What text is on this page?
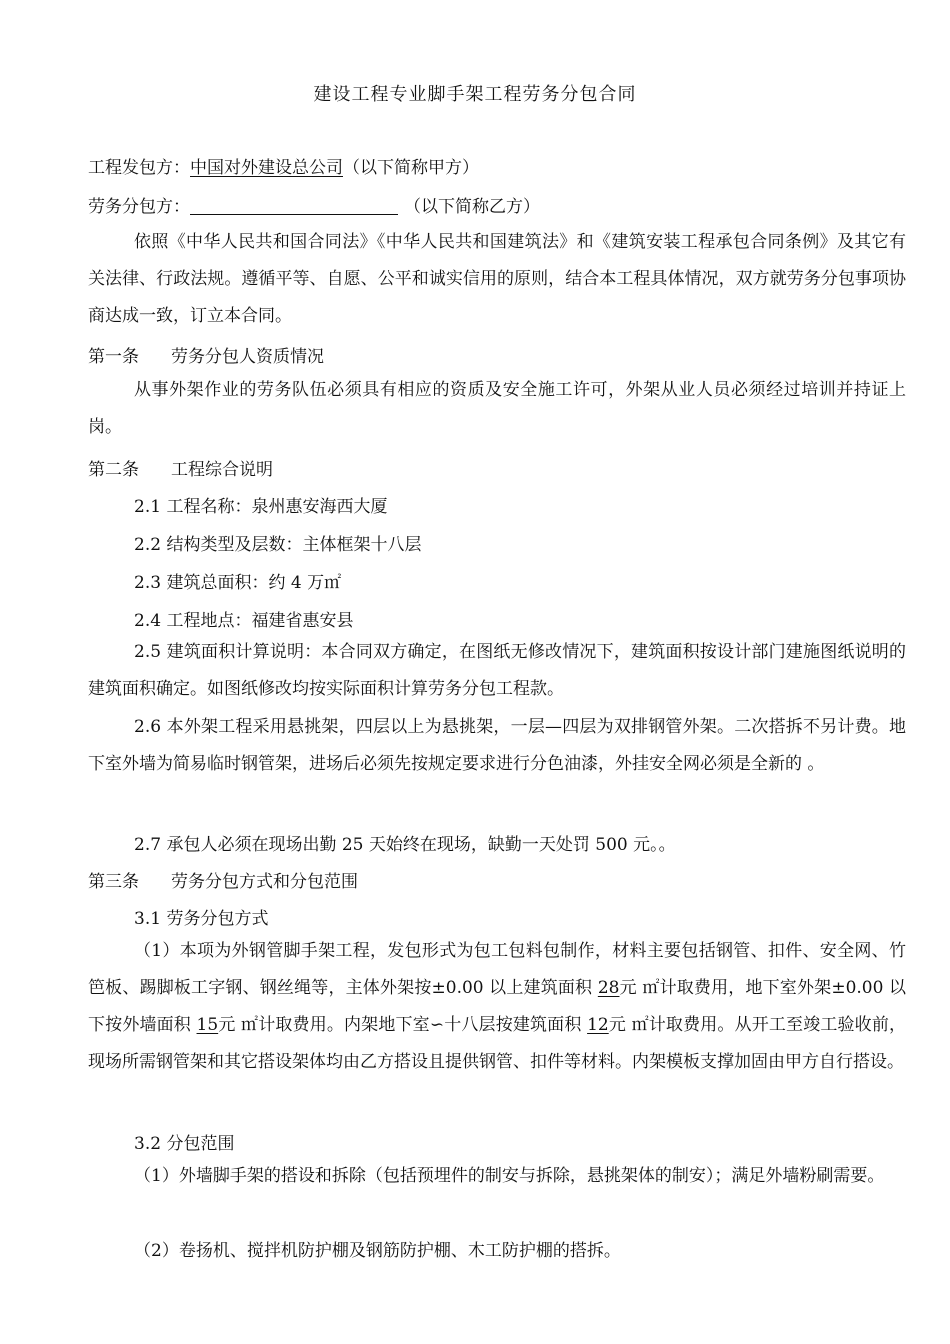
建设工程专业脚手架工程劳务分包合同
工程发包方：中国对外建设总公司（以下简称甲方）
劳务分包方：	（以下简称乙方）
依照《中华人民共和国合同法》《中华人民共和国建筑法》和《建筑安装工程承包合同条例》及其它有关法律、行政法规。遵循平等、自愿、公平和诚实信用的原则，结合本工程具体情况，双方就劳务分包事项协商达成一致，订立本合同。
第一条 劳务分包人资质情况
从事外架作业的劳务队伍必须具有相应的资质及安全施工许可，外架从业人员必须经过培训并持证上岗。
第二条 工程综合说明
2.1 工程名称：泉州惠安海西大厦
2.2 结构类型及层数：主体框架十八层
2.3 建筑总面积：约 4 万㎡
2.4 工程地点：福建省惠安县
2.5 建筑面积计算说明：本合同双方确定，在图纸无修改情况下，建筑面积按设计部门建施图纸说明的建筑面积确定。如图纸修改均按实际面积计算劳务分包工程款。
2.6 本外架工程采用悬挑架，四层以上为悬挑架，一层—四层为双排钢管外架。二次搭拆不另计费。地下室外墙为简易临时钢管架，进场后必须先按规定要求进行分色油漆，外挂安全网必须是全新的 。
2.7 承包人必须在现场出勤 25 天始终在现场，缺勤一天处罚 500 元。。
第三条 劳务分包方式和分包范围
3.1 劳务分包方式
（1）本项为外钢管脚手架工程，发包形式为包工包料包制作，材料主要包括钢管、扣件、安全网、竹笆板、踢脚板工字钢、钢丝绳等，主体外架按±0.00 以上建筑面积 28元 ㎡计取费用，地下室外架±0.00 以下按外墙面积 15元 ㎡计取费用。内架地下室∽十八层按建筑面积 12元 ㎡计取费用。从开工至竣工验收前，现场所需钢管架和其它搭设架体均由乙方搭设且提供钢管、扣件等材料。内架模板支撑加固由甲方自行搭设。
3.2 分包范围
（1）外墙脚手架的搭设和拆除（包括预埋件的制安与拆除，悬挑架体的制安）；满足外墙粉刷需要。
（2）卷扬机、搅拌机防护棚及钢筋防护棚、木工防护棚的搭拆。
